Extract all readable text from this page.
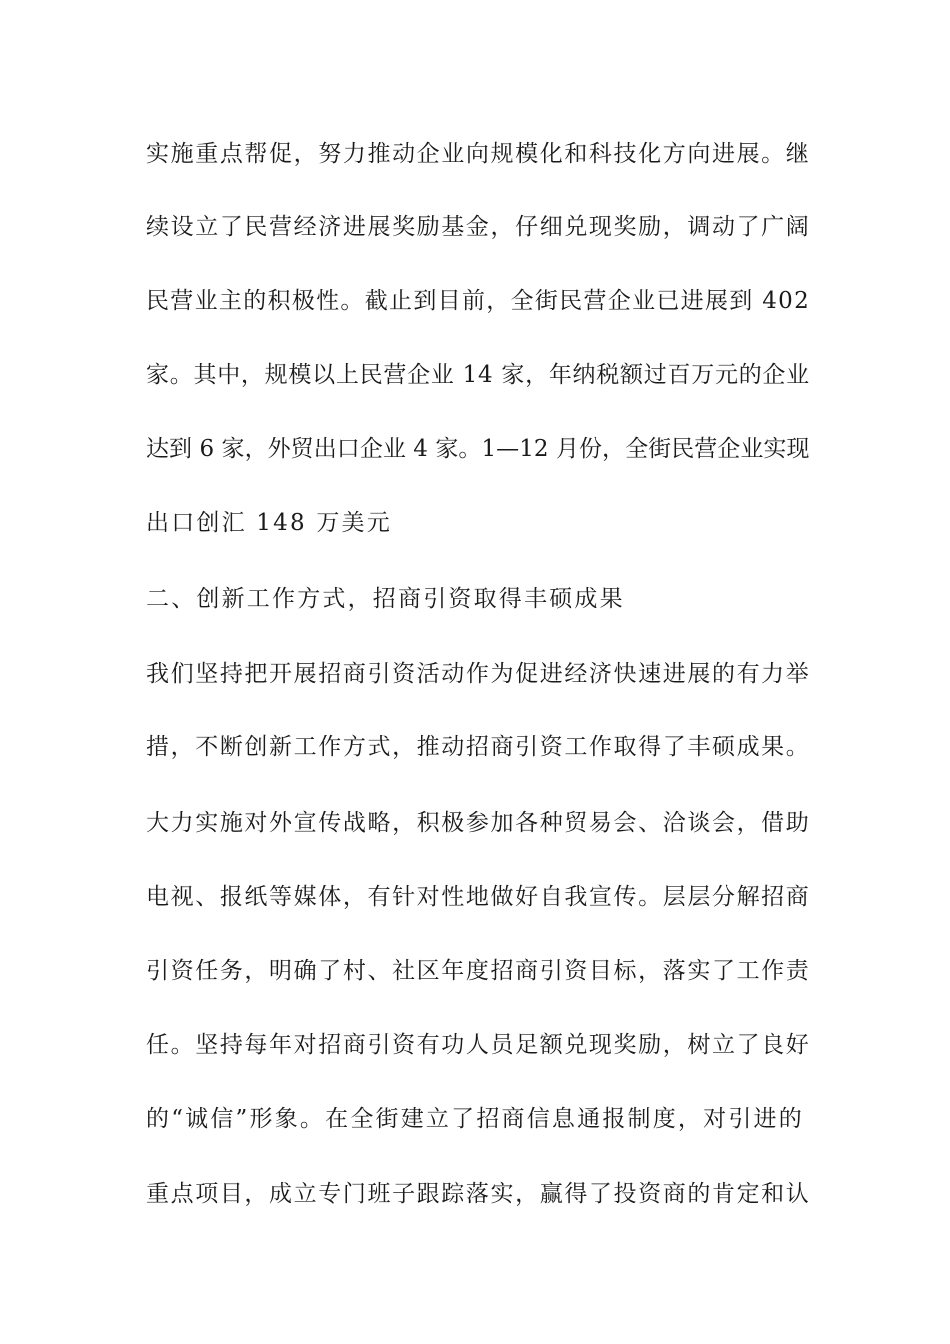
实施重点帮促，努力推动企业向规模化和科技化方向进展。继
续设立了民营经济进展奖励基金，仔细兑现奖励，调动了广阔
民营业主的积极性。截止到目前，全街民营企业已进展到 402
家。其中，规模以上民营企业 14 家，年纳税额过百万元的企业
达到 6 家，外贸出口企业 4 家。1—12 月份，全街民营企业实现
出口创汇 148 万美元
二、创新工作方式，招商引资取得丰硕成果
我们坚持把开展招商引资活动作为促进经济快速进展的有力举
措，不断创新工作方式，推动招商引资工作取得了丰硕成果。
大力实施对外宣传战略，积极参加各种贸易会、洽谈会，借助
电视、报纸等媒体，有针对性地做好自我宣传。层层分解招商
引资任务，明确了村、社区年度招商引资目标，落实了工作责
任。坚持每年对招商引资有功人员足额兑现奖励，树立了良好
的“诚信”形象。在全街建立了招商信息通报制度，对引进的
重点项目，成立专门班子跟踪落实，赢得了投资商的肯定和认
